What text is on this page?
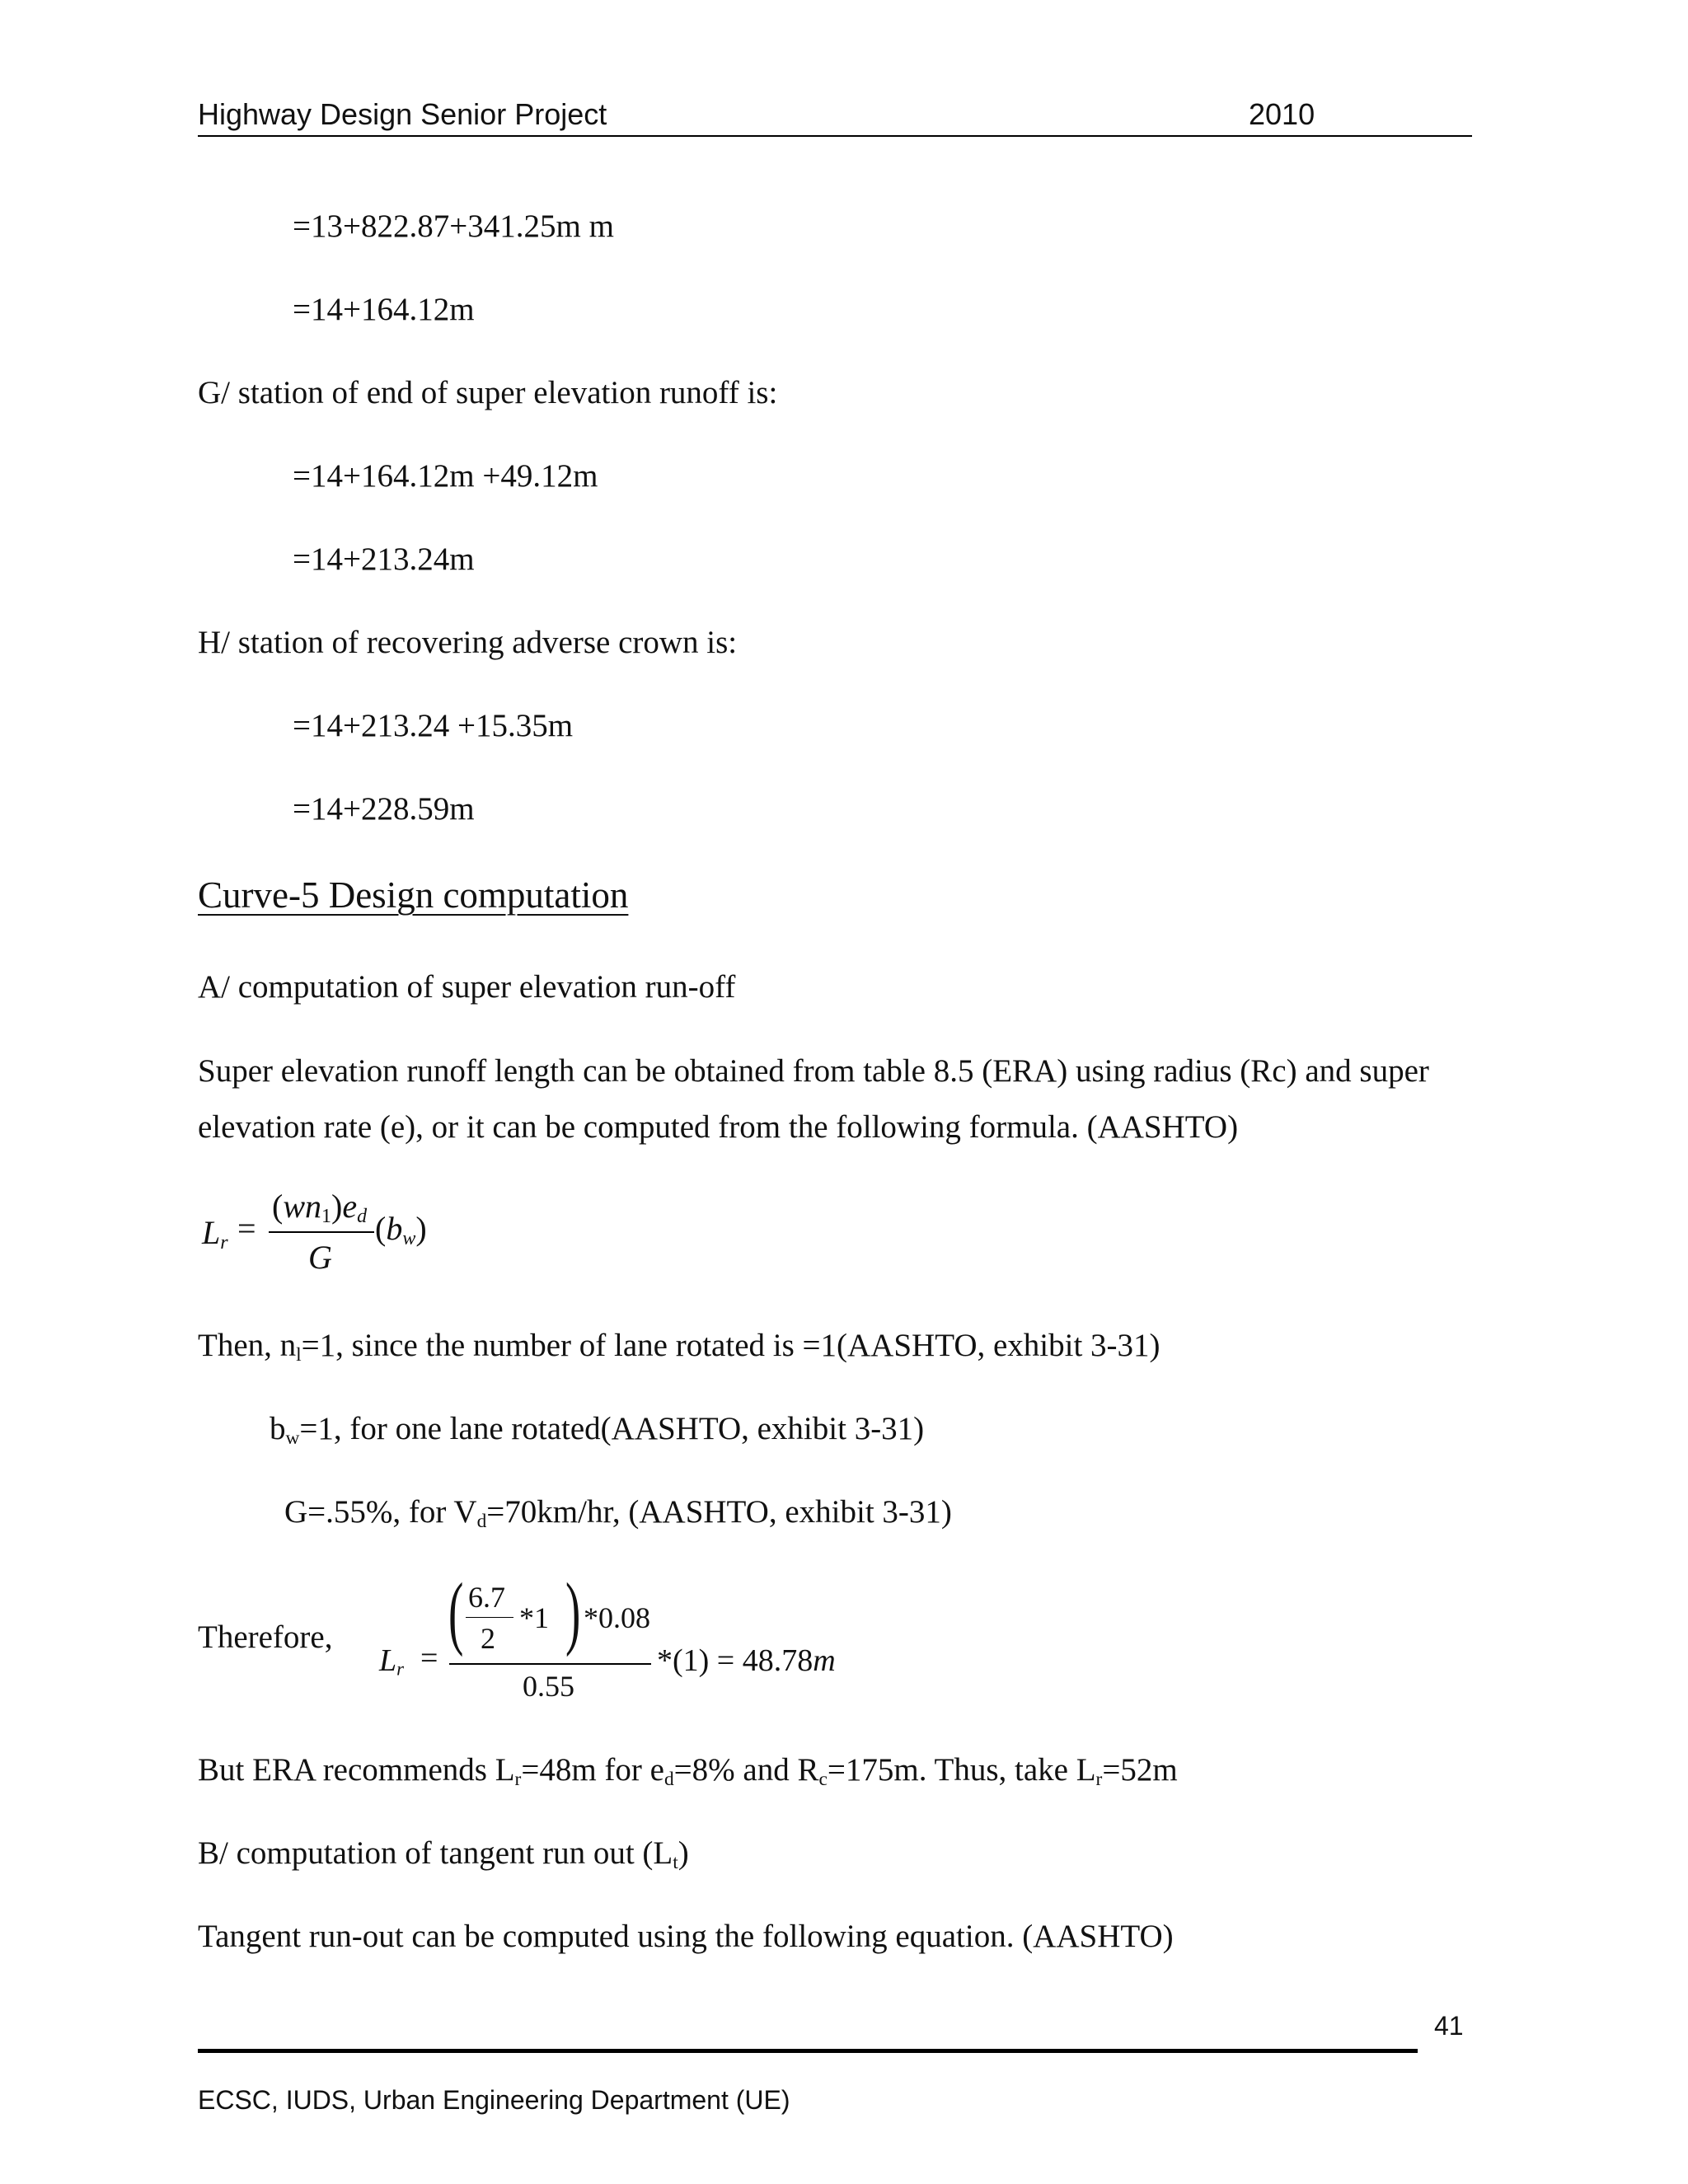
Highway Design Senior Project	2010
=13+822.87+341.25m m
=14+164.12m
G/ station of end of super elevation runoff is:
=14+164.12m +49.12m
=14+213.24m
H/ station of recovering adverse crown is:
=14+213.24 +15.35m
=14+228.59m
Curve-5 Design computation
A/ computation of super elevation run-off
Super elevation runoff length can be obtained from table 8.5 (ERA) using radius (Rc) and super
elevation rate (e), or it can be computed from the following formula. (AASHTO)
$L_r$ =
$(wn_1)e_d$
G
$(b_w)$
Then, $n_l=1$, since the number of lane rotated is =1(AASHTO, exhibit 3-31)
$b_w=1$, for one lane rotated(AASHTO, exhibit 3-31)
G=.55%, for $V_d=70km/hr$, (AASHTO, exhibit 3-31)
Therefore,
$L_r$ =
( 6.7
2
*1 ) *0.08
0.55
*(1) = 48.78m
But ERA recommends $L_r=48m$ for $e_d=8\%$ and $R_c=175m$. Thus, take $L_r=52m$
B/ computation of tangent run out $(L_t)$
Tangent run-out can be computed using the following equation. (AASHTO)
41
ECSC, IUDS, Urban Engineering Department (UE)
